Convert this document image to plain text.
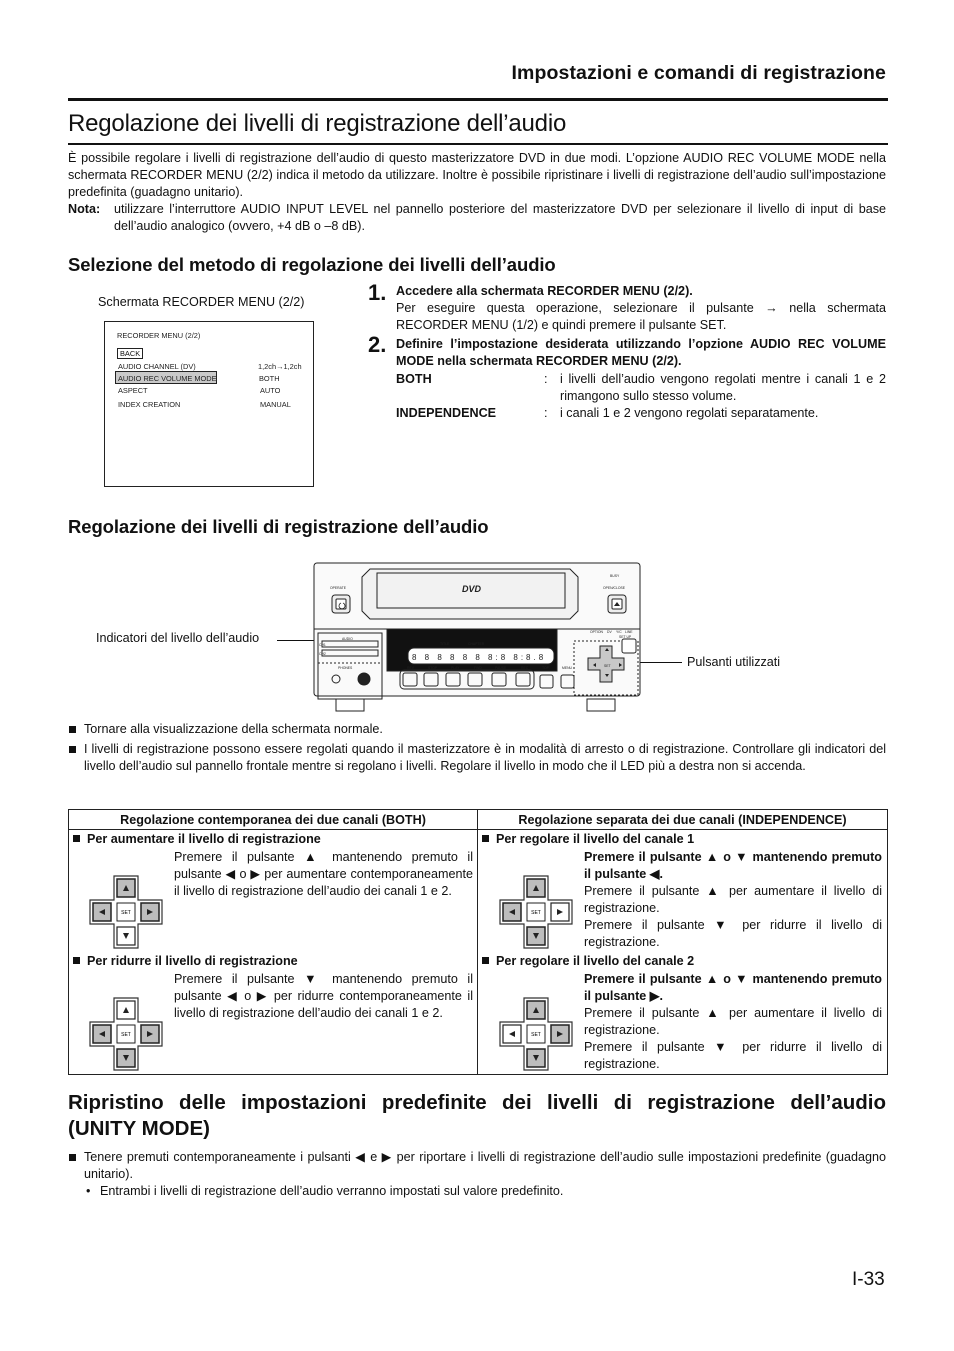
Impostazioni e comandi di registrazione
Regolazione dei livelli di registrazione dell’audio
È possibile regolare i livelli di registrazione dell’audio di questo masterizzatore DVD in due modi. L’opzione AUDIO REC VOLUME MODE nella schermata RECORDER MENU (2/2) indica il metodo da utilizzare. Inoltre è possibile ripristinare i livelli di registrazione dell’audio sull’impostazione predefinita (guadagno unitario).
Nota: utilizzare l’interruttore AUDIO INPUT LEVEL nel pannello posteriore del masterizzatore DVD per selezionare il livello di input di base dell’audio analogico (ovvero, +4 dB o –8 dB).
Selezione del metodo di regolazione dei livelli dell’audio
Schermata RECORDER MENU (2/2)
RECORDER MENU (2/2)
BACK
AUDIO CHANNEL (DV)	1,2ch→1,2ch
AUDIO REC VOLUME MODE	BOTH
ASPECT	AUTO
INDEX CREATION	MANUAL
1. Accedere alla schermata RECORDER MENU (2/2).
Per eseguire questa operazione, selezionare il pulsante → nella schermata RECORDER MENU (1/2) e quindi premere il pulsante SET.
2. Definire l’impostazione desiderata utilizzando l’opzione AUDIO REC VOLUME MODE nella schermata RECORDER MENU (2/2).
BOTH	: i livelli dell’audio vengono regolati mentre i canali 1 e 2 rimangono sullo stesso volume.
INDEPENDENCE	: i canali 1 e 2 vengono regolati separatamente.
Regolazione dei livelli di registrazione dell’audio
Indicatori del livello dell’audio
Pulsanti utilizzati
OPERATE
BUSY
OPEN/CLOSE
DVD
AUDIO
CH1
CH2
PHONES
TITLE	CHAPTER
REV	STOP	PLAY	FWD	PAUSE	REC	TOP	MENU
SET UP
OPTION DV Y/C LINE
SET
8 8 8 8 8 8 8:8 8:8.8
Tornare alla visualizzazione della schermata normale.
I livelli di registrazione possono essere regolati quando il masterizzatore è in modalità di arresto o di registrazione. Controllare gli indicatori del livello dell’audio sul pannello frontale mentre si regolano i livelli. Regolare il livello in modo che il LED più a destra non si accenda.
Regolazione contemporanea dei due canali (BOTH)	Regolazione separata dei due canali (INDEPENDENCE)

Per aumentare il livello di registrazione
SET
Premere il pulsante ▲ mantenendo premuto il pulsante ◀ o ▶ per aumentare contemporaneamente il livello di registrazione dell’audio dei canali 1 e 2.
Per ridurre il livello di registrazione
SET
Premere il pulsante ▼ mantenendo premuto il pulsante ◀ o ▶ per ridurre contemporaneamente il livello di registrazione dell’audio dei canali 1 e 2.

Per regolare il livello del canale 1
SET
Premere il pulsante ▲ o ▼ mantenendo premuto il pulsante ◀.
Premere il pulsante ▲ per aumentare il livello di registrazione.
Premere il pulsante ▼ per ridurre il livello di registrazione.
Per regolare il livello del canale 2
SET
Premere il pulsante ▲ o ▼ mantenendo premuto il pulsante ▶.
Premere il pulsante ▲ per aumentare il livello di registrazione.
Premere il pulsante ▼ per ridurre il livello di registrazione.
Ripristino delle impostazioni predefinite dei livelli di registrazione dell’audio
(UNITY MODE)
Tenere premuti contemporaneamente i pulsanti ◀ e ▶ per riportare i livelli di registrazione dell’audio sulle impostazioni predefinite (guadagno unitario).
• Entrambi i livelli di registrazione dell’audio verranno impostati sul valore predefinito.
I-33
